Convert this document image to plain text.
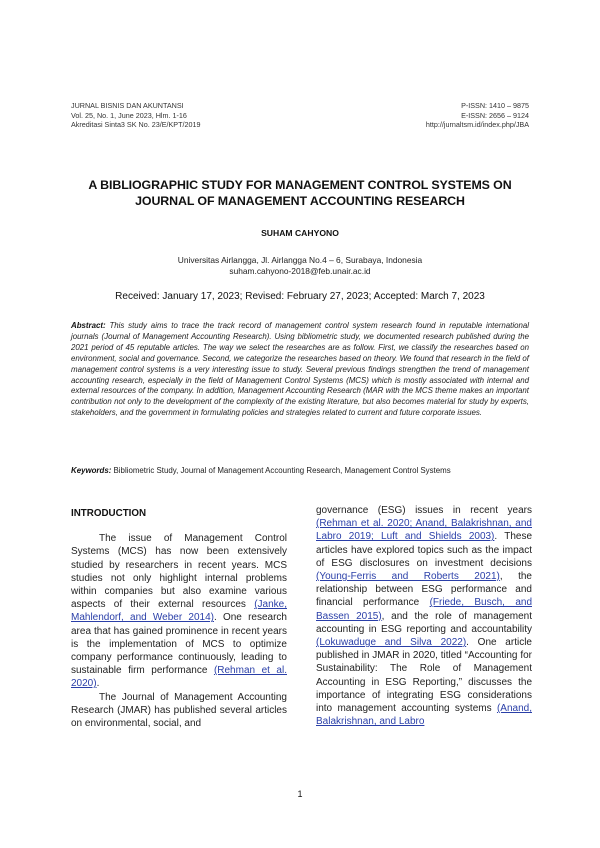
JURNAL BISNIS DAN AKUNTANSI
Vol. 25, No. 1, June 2023, Hlm. 1-16
Akreditasi Sinta3 SK No. 23/E/KPT/2019
P-ISSN: 1410 – 9875
E-ISSN: 2656 – 9124
http://jurnaltsm.id/index.php/JBA
A BIBLIOGRAPHIC STUDY FOR MANAGEMENT CONTROL SYSTEMS ON
JOURNAL OF MANAGEMENT ACCOUNTING RESEARCH
SUHAM CAHYONO
Universitas Airlangga, Jl. Airlangga No.4 – 6, Surabaya, Indonesia
suham.cahyono-2018@feb.unair.ac.id
Received: January 17, 2023; Revised: February 27, 2023; Accepted: March 7, 2023
Abstract: This study aims to trace the track record of management control system research found in reputable international journals (Journal of Management Accounting Research). Using bibliometric study, we documented research published during the 2021 period of 45 reputable articles. The way we select the researches are as follow. First, we classify the researches based on environment, social and governance. Second, we categorize the researches based on theory. We found that research in the field of management control systems is a very interesting issue to study. Several previous findings strengthen the trend of management accounting research, especially in the field of Management Control Systems (MCS) which is mostly associated with internal and external resources of the company. In addition, Management Accounting Research (MAR with the MCS theme makes an important contribution not only to the development of the complexity of the existing literature, but also becomes material for study by experts, stakeholders, and the government in formulating policies and strategies related to current and future corporate issues.
Keywords: Bibliometric Study, Journal of Management Accounting Research, Management Control Systems
INTRODUCTION

The issue of Management Control Systems (MCS) has now been extensively studied by researchers in recent years. MCS studies not only highlight internal problems within companies but also examine various aspects of their external resources (Janke, Mahlendorf, and Weber 2014). One research area that has gained prominence in recent years is the implementation of MCS to optimize company performance continuously, leading to sustainable firm performance (Rehman et al. 2020).

The Journal of Management Accounting Research (JMAR) has published several articles on environmental, social, and

governance (ESG) issues in recent years (Rehman et al. 2020; Anand, Balakrishnan, and Labro 2019; Luft and Shields 2003). These articles have explored topics such as the impact of ESG disclosures on investment decisions (Young-Ferris and Roberts 2021), the relationship between ESG performance and financial performance (Friede, Busch, and Bassen 2015), and the role of management accounting in ESG reporting and accountability (Lokuwaduge and Silva 2022). One article published in JMAR in 2020, titled “Accounting for Sustainability: The Role of Management Accounting in ESG Reporting,” discusses the importance of integrating ESG considerations into management accounting systems (Anand, Balakrishnan, and Labro

1
